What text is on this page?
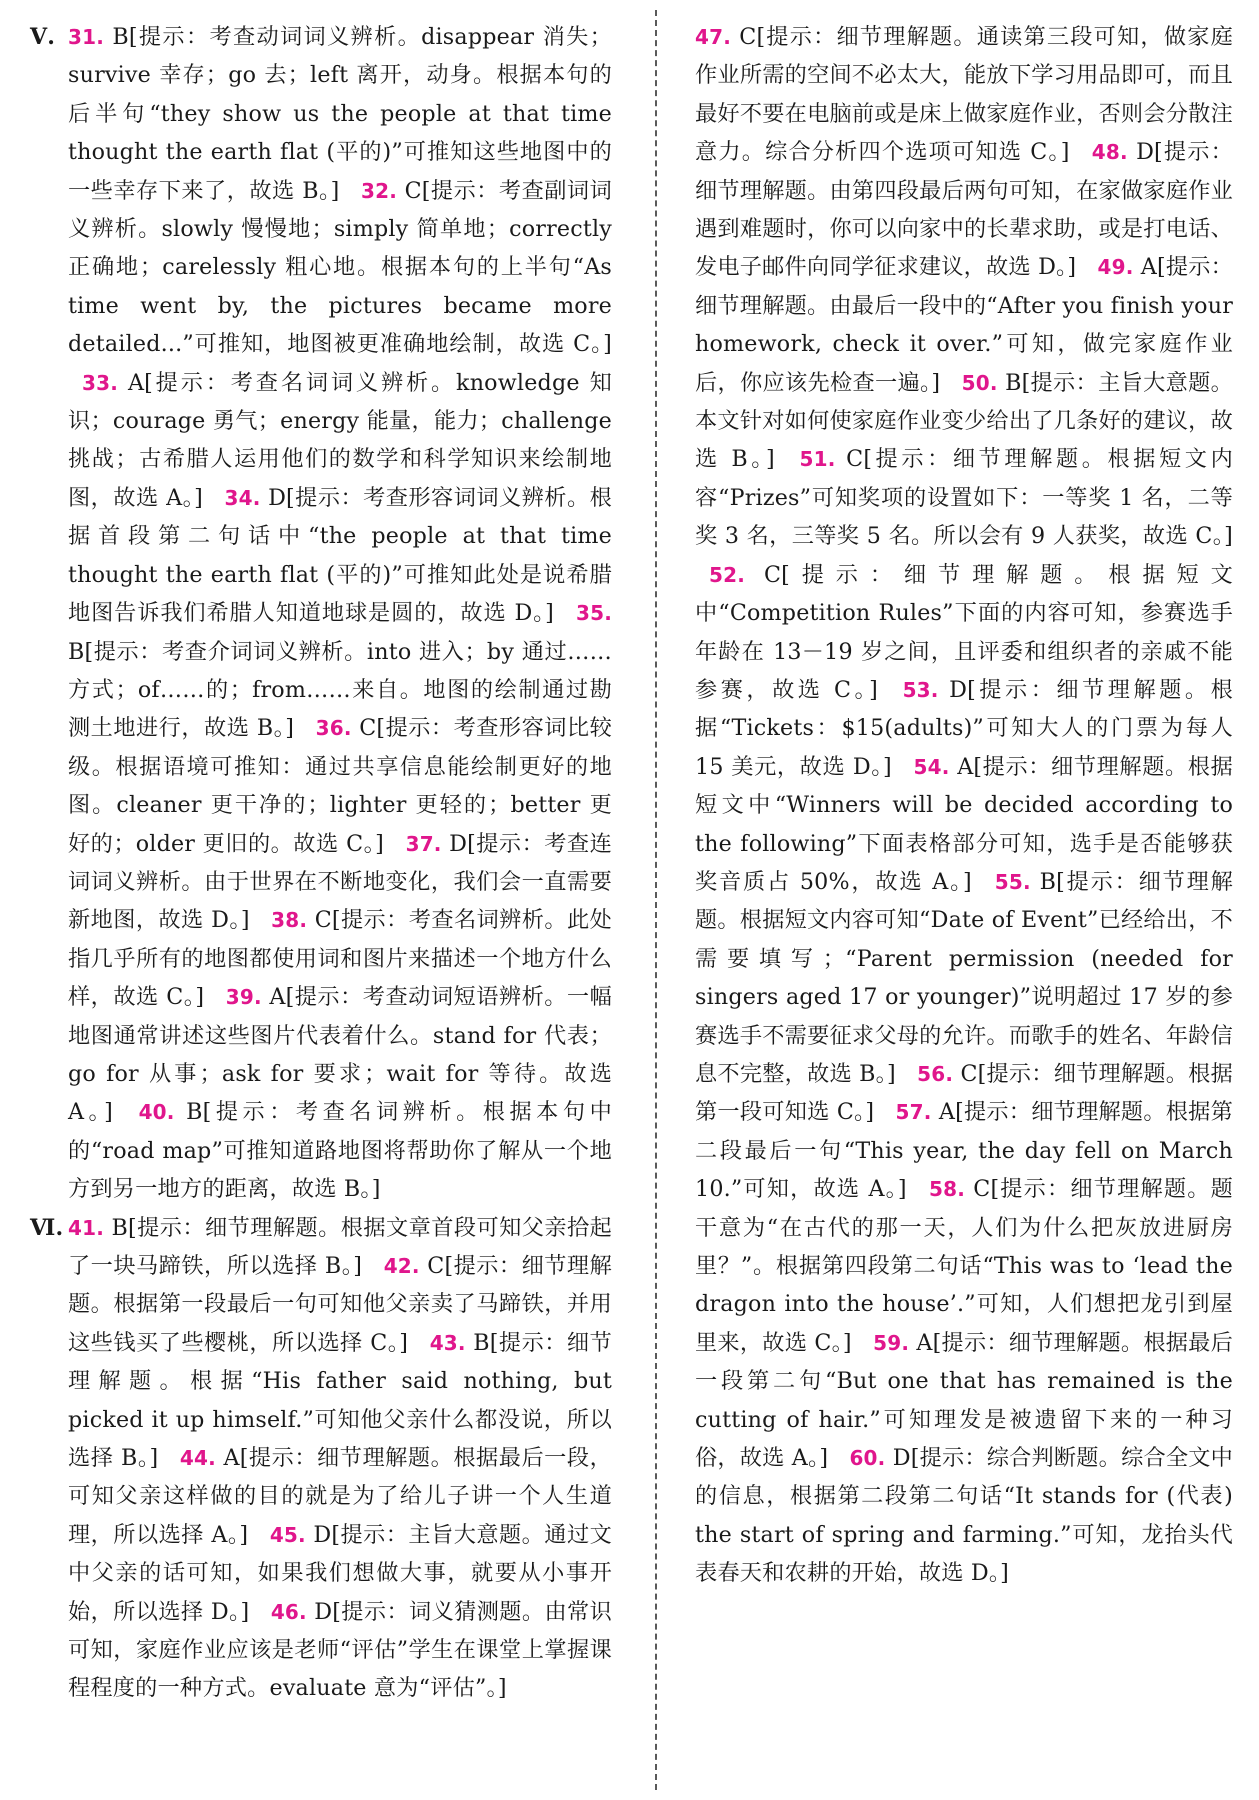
Ⅴ. 31. B[提示：考查动词词义辨析。disappear 消失；survive 幸存；go 去；left 离开，动身。根据本句的后半句“they show us the people at that time thought the earth flat (平的)”可推知这些地图中的一些幸存下来了，故选 B。] 32. C[提示：考查副词词义辨析。slowly 慢慢地；simply 简单地；correctly 正确地；carelessly 粗心地。根据本句的上半句“As time went by, the pictures became more detailed...”可推知，地图被更准确地绘制，故选 C。] 33. A[提示：考查名词词义辨析。knowledge 知识；courage 勇气；energy 能量，能力；challenge 挑战；古希腊人运用他们的数学和科学知识来绘制地图，故选 A。] 34. D[提示：考查形容词词义辨析。根据首段第二句话中“the people at that time thought the earth flat (平的)”可推知此处是说希腊地图告诉我们希腊人知道地球是圆的，故选 D。] 35. B[提示：考查介词词义辨析。into 进入；by 通过……方式；of……的；from……来自。地图的绘制通过勘测土地进行，故选 B。] 36. C[提示：考查形容词比较级。根据语境可推知：通过共享信息能绘制更好的地图。cleaner 更干净的；lighter 更轻的；better 更好的；older 更旧的。故选 C。] 37. D[提示：考查连词词义辨析。由于世界在不断地变化，我们会一直需要新地图，故选 D。] 38. C[提示：考查名词辨析。此处指几乎所有的地图都使用词和图片来描述一个地方什么样，故选 C。] 39. A[提示：考查动词短语辨析。一幅地图通常讲述这些图片代表着什么。stand for 代表；go for 从事；ask for 要求；wait for 等待。故选 A。] 40. B[提示：考查名词辨析。根据本句中的“road map”可推知道路地图将帮助你了解从一个地方到另一地方的距离，故选 B。]
Ⅵ. 41. B[提示：细节理解题。根据文章首段可知父亲拾起了一块马蹄铁，所以选择 B。] 42. C[提示：细节理解题。根据第一段最后一句可知他父亲卖了马蹄铁，并用这些钱买了些樱桃，所以选择 C。] 43. B[提示：细节理解题。根据“His father said nothing, but picked it up himself.”可知他父亲什么都没说，所以选择 B。] 44. A[提示：细节理解题。根据最后一段，可知父亲这样做的目的就是为了给儿子讲一个人生道理，所以选择 A。] 45. D[提示：主旨大意题。通过文中父亲的话可知，如果我们想做大事，就要从小事开始，所以选择 D。] 46. D[提示：词义猜测题。由常识可知，家庭作业应该是老师“评估”学生在课堂上掌握课程程度的一种方式。evaluate 意为“评估”。]
47. C[提示：细节理解题。通读第三段可知，做家庭作业所需的空间不必太大，能放下学习用品即可，而且最好不要在电脑前或是床上做家庭作业，否则会分散注意力。综合分析四个选项可知选 C。] 48. D[提示：细节理解题。由第四段最后两句可知，在家做家庭作业遇到难题时，你可以向家中的长辈求助，或是打电话、发电子邮件向同学征求建议，故选 D。] 49. A[提示：细节理解题。由最后一段中的“After you finish your homework, check it over.”可知，做完家庭作业后，你应该先检查一遍。] 50. B[提示：主旨大意题。本文针对如何使家庭作业变少给出了几条好的建议，故选 B。] 51. C[提示：细节理解题。根据短文内容“Prizes”可知奖项的设置如下：一等奖 1 名，二等奖 3 名，三等奖 5 名。所以会有 9 人获奖，故选 C。] 52. C[提示：细节理解题。根据短文中“Competition Rules”下面的内容可知，参赛选手年龄在 13－19 岁之间，且评委和组织者的亲戚不能参赛，故选 C。] 53. D[提示：细节理解题。根据“Tickets：$15(adults)”可知大人的门票为每人 15 美元，故选 D。] 54. A[提示：细节理解题。根据短文中“Winners will be decided according to the following”下面表格部分可知，选手是否能够获奖音质占 50%，故选 A。] 55. B[提示：细节理解题。根据短文内容可知“Date of Event”已经给出，不需要填写；“Parent permission (needed for singers aged 17 or younger)”说明超过 17 岁的参赛选手不需要征求父母的允许。而歌手的姓名、年龄信息不完整，故选 B。] 56. C[提示：细节理解题。根据第一段可知选 C。] 57. A[提示：细节理解题。根据第二段最后一句“This year, the day fell on March 10.”可知，故选 A。] 58. C[提示：细节理解题。题干意为“在古代的那一天，人们为什么把灰放进厨房里？”。根据第四段第二句话“This was to ‘lead the dragon into the house’.”可知，人们想把龙引到屋里来，故选 C。] 59. A[提示：细节理解题。根据最后一段第二句“But one that has remained is the cutting of hair.”可知理发是被遗留下来的一种习俗，故选 A。] 60. D[提示：综合判断题。综合全文中的信息，根据第二段第二句话“It stands for (代表) the start of spring and farming.”可知，龙抬头代表春天和农耕的开始，故选 D。]
